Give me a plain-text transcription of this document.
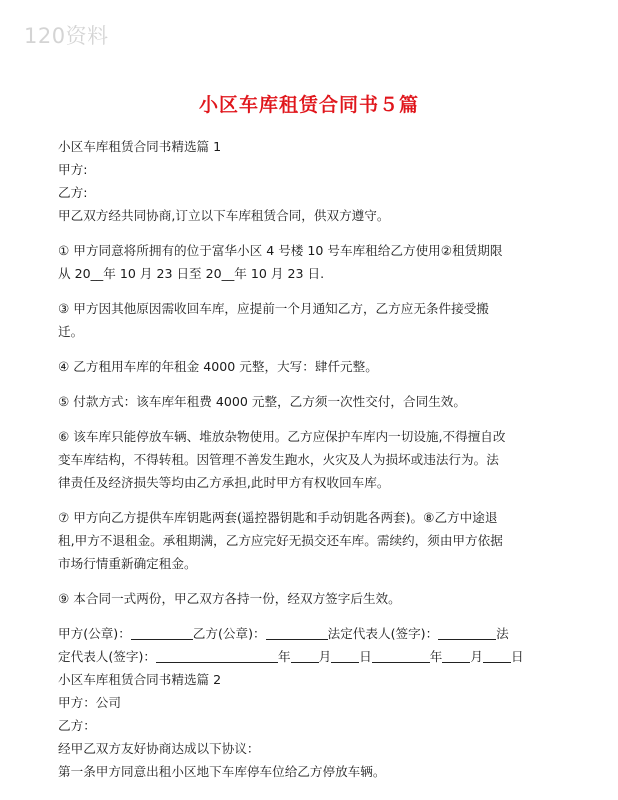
120资料
小区车库租赁合同书５篇
小区车库租赁合同书精选篇 1
甲方:
乙方:
甲乙双方经共同协商,订立以下车库租赁合同，供双方遵守。
① 甲方同意将所拥有的位于富华小区 4 号楼 10 号车库租给乙方使用②租赁期限
从 20__年 10 月 23 日至 20__年 10 月 23 日.
③ 甲方因其他原因需收回车库，应提前一个月通知乙方，乙方应无条件接受搬
迁。
④ 乙方租用车库的年租金 4000 元整，大写：肆仟元整。
⑤ 付款方式：该车库年租费 4000 元整，乙方须一次性交付，合同生效。
⑥ 该车库只能停放车辆、堆放杂物使用。乙方应保护车库内一切设施,不得擅自改
变车库结构，不得转租。因管理不善发生跑水，火灾及人为损坏或违法行为。法
律责任及经济损失等均由乙方承担,此时甲方有权收回车库。
⑦ 甲方向乙方提供车库钥匙两套(遥控器钥匙和手动钥匙各两套)。⑧乙方中途退
租,甲方不退租金。承租期满，乙方应完好无损交还车库。需续约，须由甲方依据
市场行情重新确定租金。
⑨ 本合同一式两份，甲乙双方各持一份，经双方签字后生效。
甲方(公章)：	乙方(公章)：	法定代表人(签字)：	法
定代表人(签字)：	年 月 日	年 月 日
小区车库租赁合同书精选篇 2
甲方：公司
乙方：
经甲乙双方友好协商达成以下协议：
第一条甲方同意出租小区地下车库停车位给乙方停放车辆。
